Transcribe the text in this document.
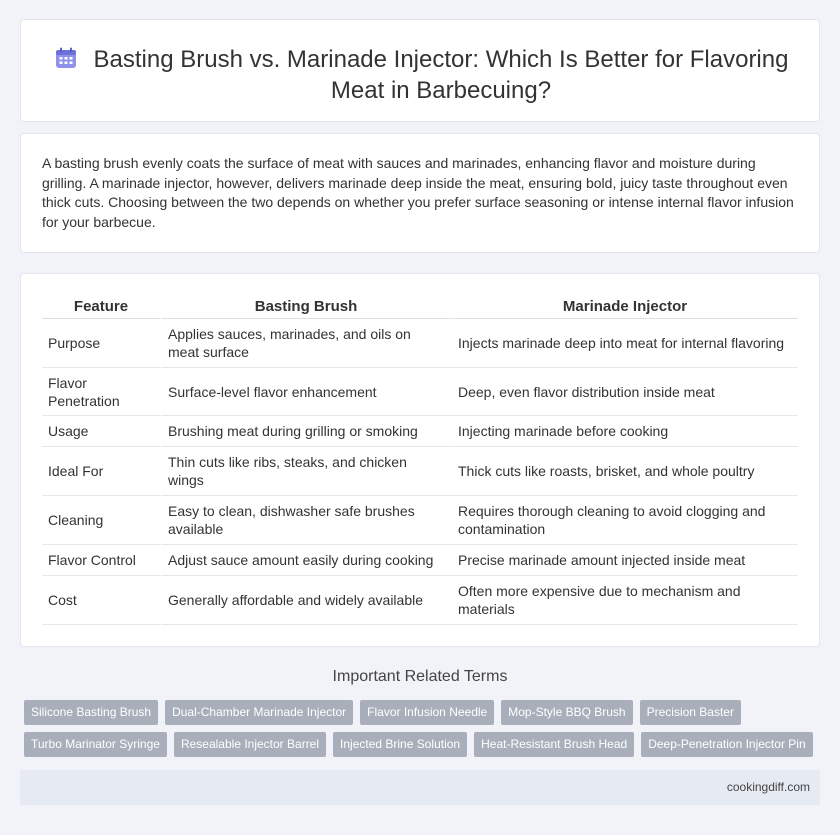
Basting Brush vs. Marinade Injector: Which Is Better for Flavoring Meat in Barbecuing?

A basting brush evenly coats the surface of meat with sauces and marinades, enhancing flavor and moisture during grilling. A marinade injector, however, delivers marinade deep inside the meat, ensuring bold, juicy taste throughout even thick cuts. Choosing between the two depends on whether you prefer surface seasoning or intense internal flavor infusion for your barbecue.

Feature	Basting Brush	Marinade Injector
Purpose	Applies sauces, marinades, and oils on meat surface	Injects marinade deep into meat for internal flavoring
Flavor Penetration	Surface-level flavor enhancement	Deep, even flavor distribution inside meat
Usage	Brushing meat during grilling or smoking	Injecting marinade before cooking
Ideal For	Thin cuts like ribs, steaks, and chicken wings	Thick cuts like roasts, brisket, and whole poultry
Cleaning	Easy to clean, dishwasher safe brushes available	Requires thorough cleaning to avoid clogging and contamination
Flavor Control	Adjust sauce amount easily during cooking	Precise marinade amount injected inside meat
Cost	Generally affordable and widely available	Often more expensive due to mechanism and materials
Important Related Terms
Silicone Basting Brush	Dual-Chamber Marinade Injector	Flavor Infusion Needle	Mop-Style BBQ Brush	Precision Baster
Turbo Marinator Syringe	Resealable Injector Barrel	Injected Brine Solution	Heat-Resistant Brush Head	Deep-Penetration Injector Pin
cookingdiff.com
